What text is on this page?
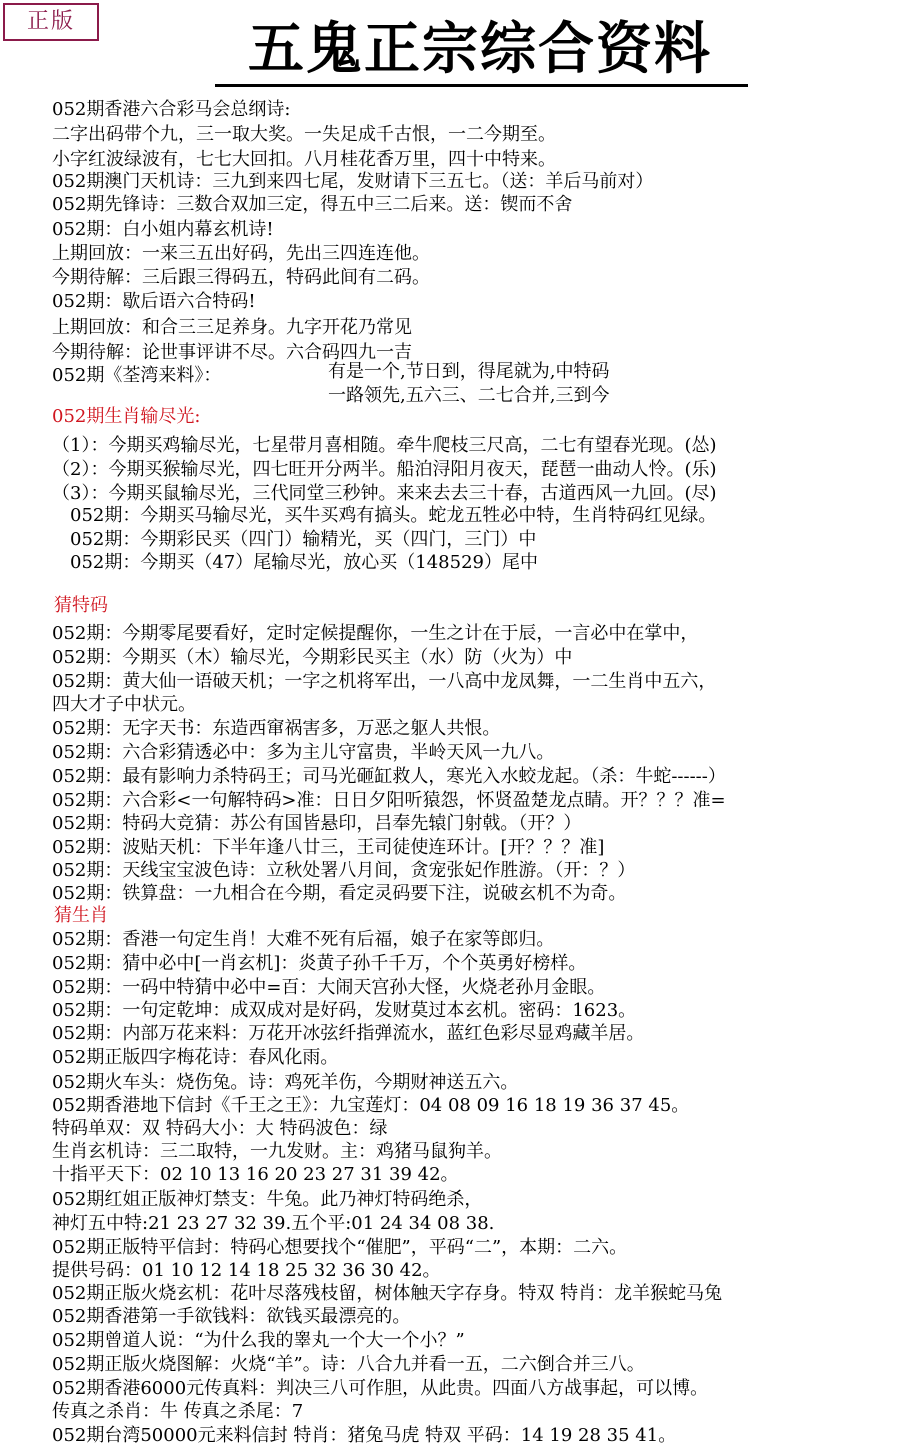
正版	五鬼正宗综合资料
052期香港六合彩马会总纲诗:
二字出码带个九，三一取大奖。一失足成千古恨，一二今期至。
小字红波绿波有，七七大回扣。八月桂花香万里，四十中特来。
052期澳门天机诗：三九到来四七尾，发财请下三五七。（送：羊后马前对）
052期先锋诗：三数合双加三定，得五中三二后来。送：锲而不舍
052期：白小姐内幕玄机诗!
上期回放：一来三五出好码，先出三四连连他。
今期待解：三后跟三得码五，特码此间有二码。
052期：歇后语六合特码!
上期回放：和合三三足养身。九字开花乃常见
今期待解：论世事评讲不尽。六合码四九一吉
052期《荃湾来料》：	有是一个,节日到，得尾就为,中特码
一路领先,五六三、二七合并,三到今
052期生肖输尽光:
（1）：今期买鸡输尽光，七星带月喜相随。牵牛爬枝三尺高，二七有望春光现。(怂)
（2）：今期买猴输尽光，四七旺开分两半。船泊浔阳月夜天，琵琶一曲动人怜。(乐)
（3）：今期买鼠输尽光，三代同堂三秒钟。来来去去三十春，古道西风一九回。(尽)
052期：今期买马输尽光，买牛买鸡有搞头。蛇龙五牲必中特，生肖特码红见绿。
052期：今期彩民买（四门）输精光，买（四门，三门）中
052期：今期买（47）尾输尽光，放心买（148529）尾中
猜特码
052期：今期零尾要看好，定时定候提醒你，一生之计在于辰，一言必中在掌中，
052期：今期买（木）输尽光，今期彩民买主（水）防（火为）中
052期：黄大仙一语破天机；一字之机将军出，一八高中龙凤舞，一二生肖中五六，
四大才子中状元。
052期：无字天书：东造西窜祸害多，万恶之躯人共恨。
052期：六合彩猜透必中：多为主儿守富贵，半岭天风一九八。
052期：最有影响力杀特码王；司马光砸缸救人，寒光入水蛟龙起。（杀：牛蛇------）
052期：六合彩<一句解特码>准：日日夕阳听猿怨，怀贤盈楚龙点睛。开？？？准=
052期：特码大竞猜：苏公有国皆悬印，吕奉先辕门射戟。（开？）
052期：波贴天机：下半年逢八廿三，王司徒使连环计。[开？？？准]
052期：天线宝宝波色诗：立秋处署八月间，贪宠张妃作胜游。（开：？）
052期：铁算盘：一九相合在今期，看定灵码要下注，说破玄机不为奇。
猜生肖
052期：香港一句定生肖！大难不死有后福，娘子在家等郎归。
052期：猜中必中[一肖玄机]：炎黄子孙千千万，个个英勇好榜样。
052期：一码中特猜中必中=百：大闹天宫孙大怪，火烧老孙月金眼。
052期：一句定乾坤：成双成对是好码，发财莫过本玄机。密码：1623。
052期：内部万花来料：万花开冰弦纤指弹流水，蓝红色彩尽显鸡藏羊居。
052期正版四字梅花诗：春风化雨。
052期火车头：烧伤兔。诗：鸡死羊伤，今期财神送五六。
052期香港地下信封《千王之王》：九宝莲灯：04 08 09 16 18 19 36 37 45。
特码单双：双 特码大小：大 特码波色：绿
生肖玄机诗：三二取特，一九发财。主：鸡猪马鼠狗羊。
十指平天下：02 10 13 16 20 23 27 31 39 42。
052期红姐正版神灯禁支：牛兔。此乃神灯特码绝杀，
神灯五中特:21 23 27 32 39.五个平:01 24 34 08 38.
052期正版特平信封：特码心想要找个“催肥”，平码“二”，本期：二六。
提供号码：01 10 12 14 18 25 32 36 30 42。
052期正版火烧玄机：花叶尽落残枝留，树体触天字存身。特双 特肖：龙羊猴蛇马兔
052期香港第一手欲钱料：欲钱买最漂亮的。
052期曾道人说：“为什么我的睾丸一个大一个小？”
052期正版火烧图解：火烧“羊”。诗：八合九并看一五，二六倒合并三八。
052期香港6000元传真料：判决三八可作胆，从此贵。四面八方战事起，可以博。
传真之杀肖：牛 传真之杀尾：7
052期台湾50000元来料信封 特肖：猪兔马虎 特双 平码：14 19 28 35 41。
